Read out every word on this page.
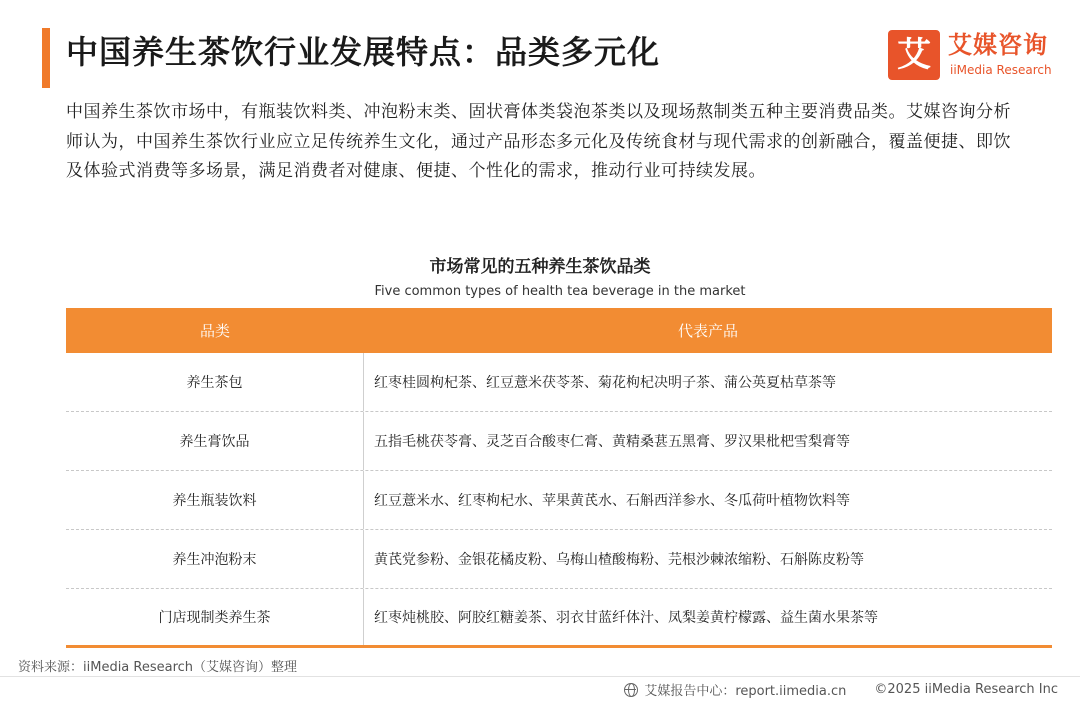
中国养生茶饮行业发展特点：品类多元化	艾 艾媒咨询
iiMedia Research

中国养生茶饮市场中，有瓶装饮料类、冲泡粉末类、固状膏体类袋泡茶类以及现场熬制类五种主要消费品类。艾媒咨询分析师认为，中国养生茶饮行业应立足传统养生文化，通过产品形态多元化及传统食材与现代需求的创新融合，覆盖便捷、即饮及体验式消费等多场景，满足消费者对健康、便捷、个性化的需求，推动行业可持续发展。

市场常见的五种养生茶饮品类
Five common types of health tea beverage in the market
品类	代表产品
养生茶包	红枣桂圆枸杞茶、红豆薏米茯苓茶、菊花枸杞决明子茶、蒲公英夏枯草茶等
养生膏饮品	五指毛桃茯苓膏、灵芝百合酸枣仁膏、黄精桑葚五黑膏、罗汉果枇杷雪梨膏等
养生瓶装饮料	红豆薏米水、红枣枸杞水、苹果黄芪水、石斛西洋参水、冬瓜荷叶植物饮料等
养生冲泡粉末	黄芪党参粉、金银花橘皮粉、乌梅山楂酸梅粉、芫根沙棘浓缩粉、石斛陈皮粉等
门店现制类养生茶	红枣炖桃胶、阿胶红糖姜茶、羽衣甘蓝纤体汁、凤梨姜黄柠檬露、益生菌水果茶等
资料来源：iiMedia Research（艾媒咨询）整理
艾媒报告中心：report.iimedia.cn ©2025 iiMedia Research Inc
